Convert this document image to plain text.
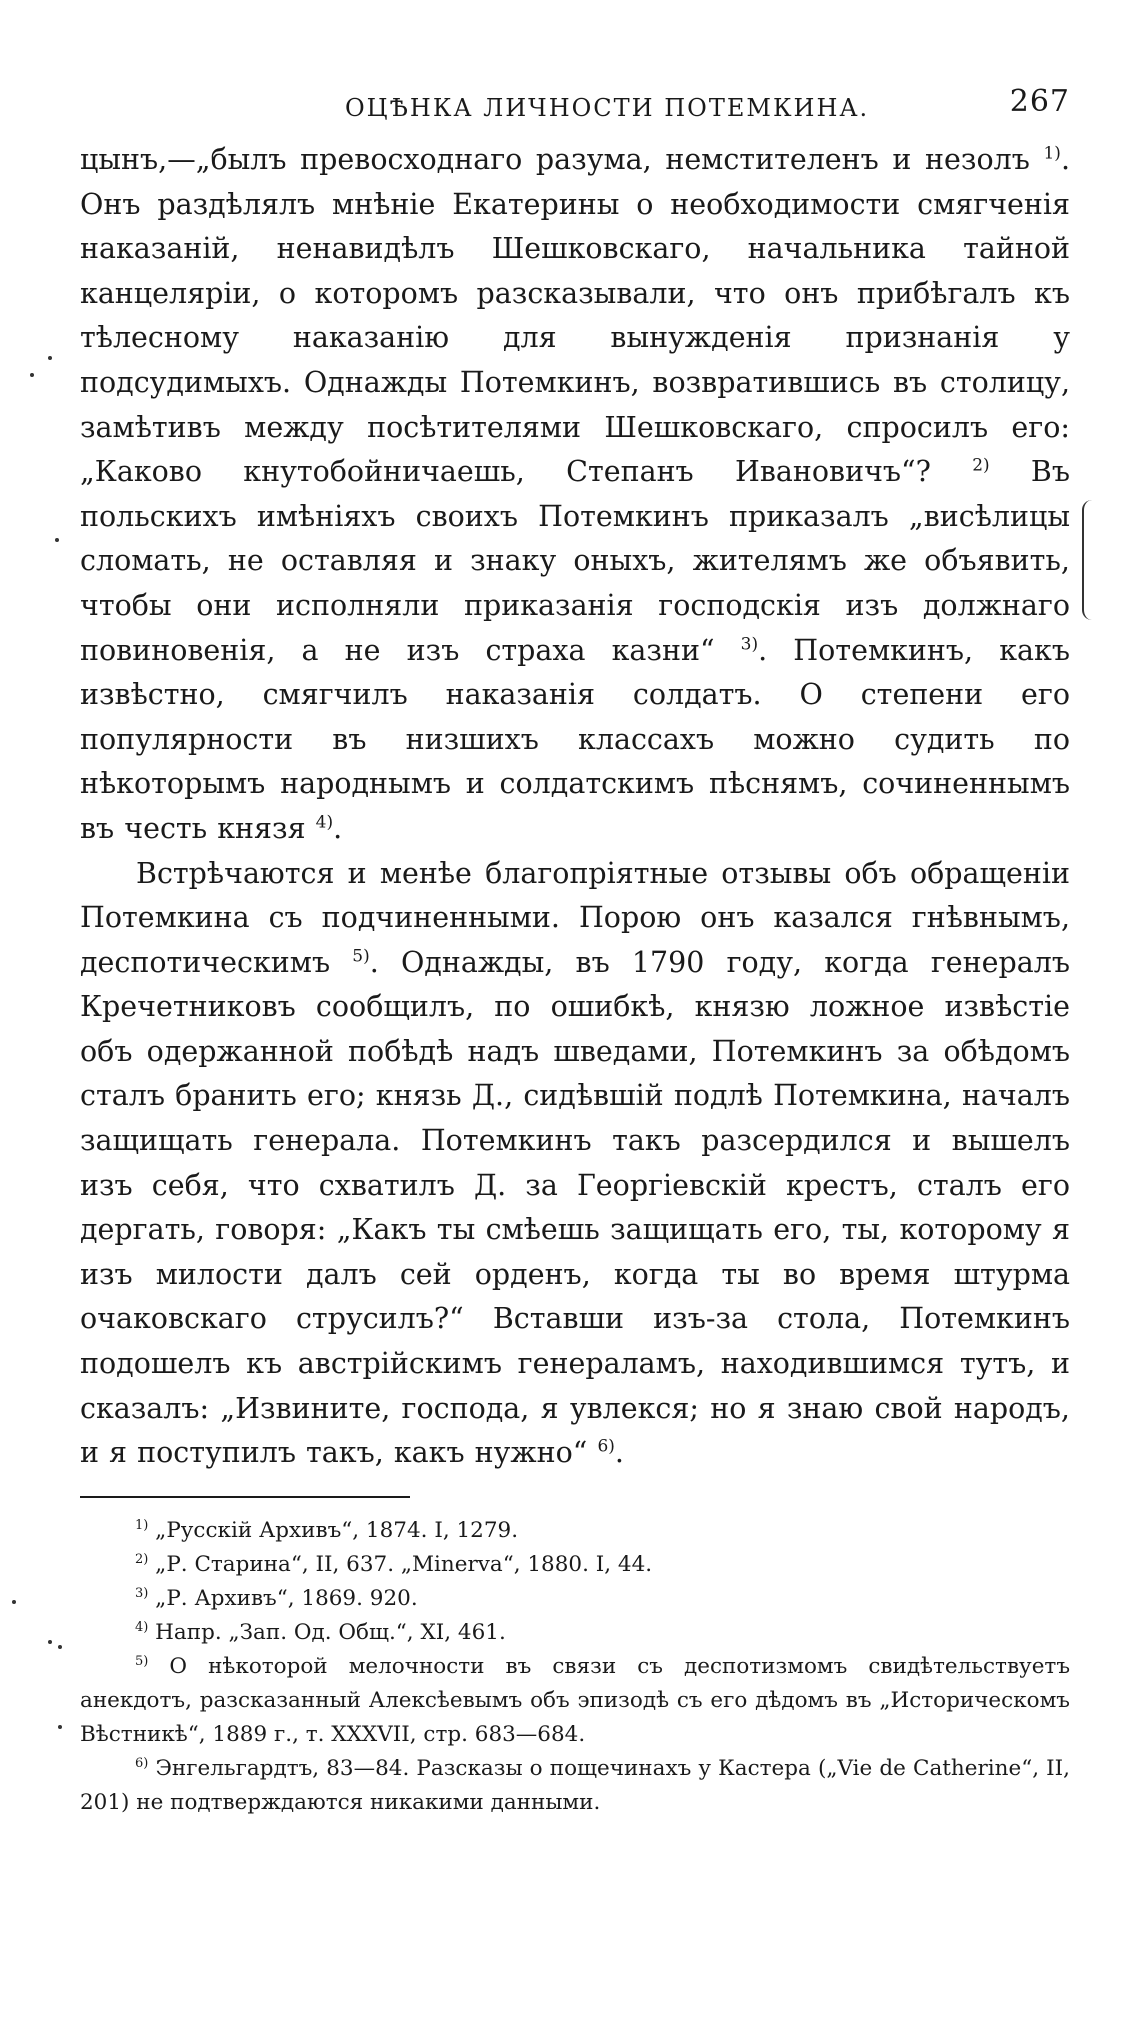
ОЦѢНКА ЛИЧНОСТИ ПОТЕМКИНА.	267

цынъ,—„былъ превосходнаго разума, немстителенъ и незолъ $^{1)}$. Онъ раздѣлялъ мнѣніе Екатерины о необходимости смягченія наказаній, ненавидѣлъ Шешковскаго, начальника тайной канцеляріи, о которомъ разсказывали, что онъ прибѣгалъ къ тѣлесному наказанію для вынужденія признанія у подсудимыхъ. Однажды Потемкинъ, возвратившись въ столицу, замѣтивъ между посѣтителями Шешковскаго, спросилъ его: „Каково кнутобойничаешь, Степанъ Ивановичъ“? $^{2)}$ Въ польскихъ имѣніяхъ своихъ Потемкинъ приказалъ „висѣлицы сломать, не оставляя и знаку оныхъ, жителямъ же объявить, чтобы они исполняли приказанія господскія изъ должнаго повиновенія, а не изъ страха казни“ $^{3)}$. Потемкинъ, какъ извѣстно, смягчилъ наказанія солдатъ. О степени его популярности въ низшихъ классахъ можно судить по нѣкоторымъ народнымъ и солдатскимъ пѣснямъ, сочиненнымъ въ честь князя $^{4)}$.

Встрѣчаются и менѣе благопріятные отзывы объ обращеніи Потемкина съ подчиненными. Порою онъ казался гнѣвнымъ, деспотическимъ $^{5)}$. Однажды, въ 1790 году, когда генералъ Кречетниковъ сообщилъ, по ошибкѣ, князю ложное извѣстіе объ одержанной побѣдѣ надъ шведами, Потемкинъ за обѣдомъ сталъ бранить его; князь Д., сидѣвшій подлѣ Потемкина, началъ защищать генерала. Потемкинъ такъ разсердился и вышелъ изъ себя, что схватилъ Д. за Георгіевскій крестъ, сталъ его дергать, говоря: „Какъ ты смѣешь защищать его, ты, которому я изъ милости далъ сей орденъ, когда ты во время штурма очаковскаго струсилъ?“ Вставши изъ-за стола, Потемкинъ подошелъ къ австрійскимъ генераламъ, находившимся тутъ, и сказалъ: „Извините, господа, я увлекся; но я знаю свой народъ, и я поступилъ такъ, какъ нужно“ $^{6)}$.

$^{1)}$ „Русскій Архивъ“, 1874. I, 1279.

$^{2)}$ „Р. Старина“, II, 637. „Minerva“, 1880. I, 44.

$^{3)}$ „Р. Архивъ“, 1869. 920.

$^{4)}$ Напр. „Зап. Од. Общ.“, XI, 461.

$^{5)}$ О нѣкоторой мелочности въ связи съ деспотизмомъ свидѣтельствуетъ анекдотъ, разсказанный Алексѣевымъ объ эпизодѣ съ его дѣдомъ въ „Историческомъ Вѣстникѣ“, 1889 г., т. XXXVII, стр. 683—684.

$^{6)}$ Энгельгардтъ, 83—84. Разсказы о пощечинахъ у Кастера („Vie de Catherine“, II, 201) не подтверждаются никакими данными.
